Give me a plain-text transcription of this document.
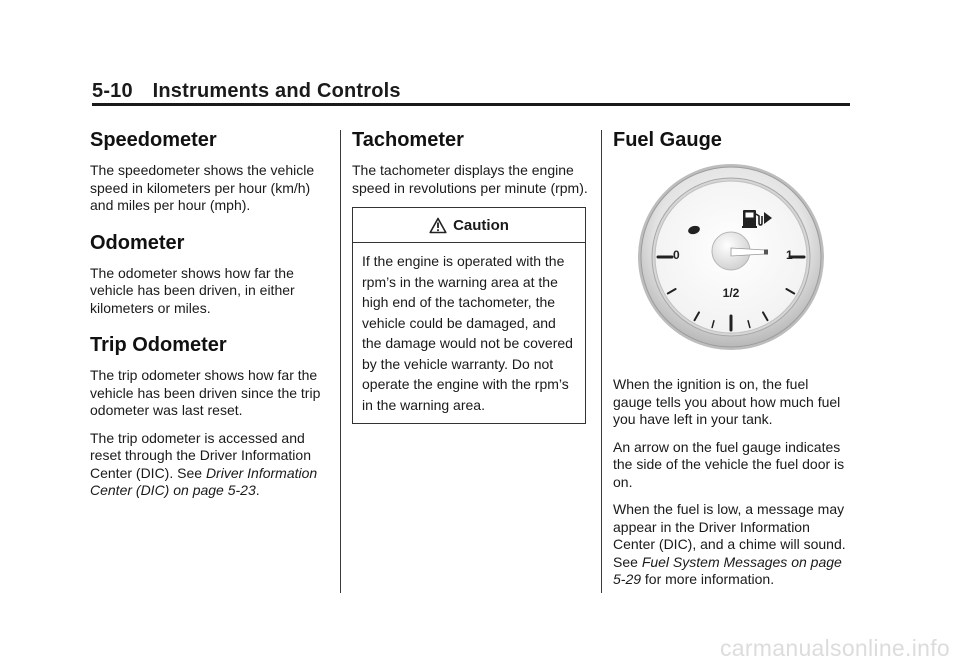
5-10 Instruments and Controls
Speedometer

The speedometer shows the vehicle speed in kilometers per hour (km/h) and miles per hour (mph).

Odometer

The odometer shows how far the vehicle has been driven, in either kilometers or miles.

Trip Odometer

The trip odometer shows how far the vehicle has been driven since the trip odometer was last reset.

The trip odometer is accessed and reset through the Driver Information Center (DIC). See Driver Information Center (DIC) on page 5-23.

Tachometer

The tachometer displays the engine speed in revolutions per minute (rpm).

Caution

If the engine is operated with the rpm’s in the warning area at the high end of the tachometer, the vehicle could be damaged, and the damage would not be covered by the vehicle warranty. Do not operate the engine with the rpm’s in the warning area.

Fuel Gauge
0	1
1/2

When the ignition is on, the fuel gauge tells you about how much fuel you have left in your tank.

An arrow on the fuel gauge indicates the side of the vehicle the fuel door is on.

When the fuel is low, a message may appear in the Driver Information Center (DIC), and a chime will sound. See Fuel System Messages on page 5-29 for more information.

carmanualsonline.info
